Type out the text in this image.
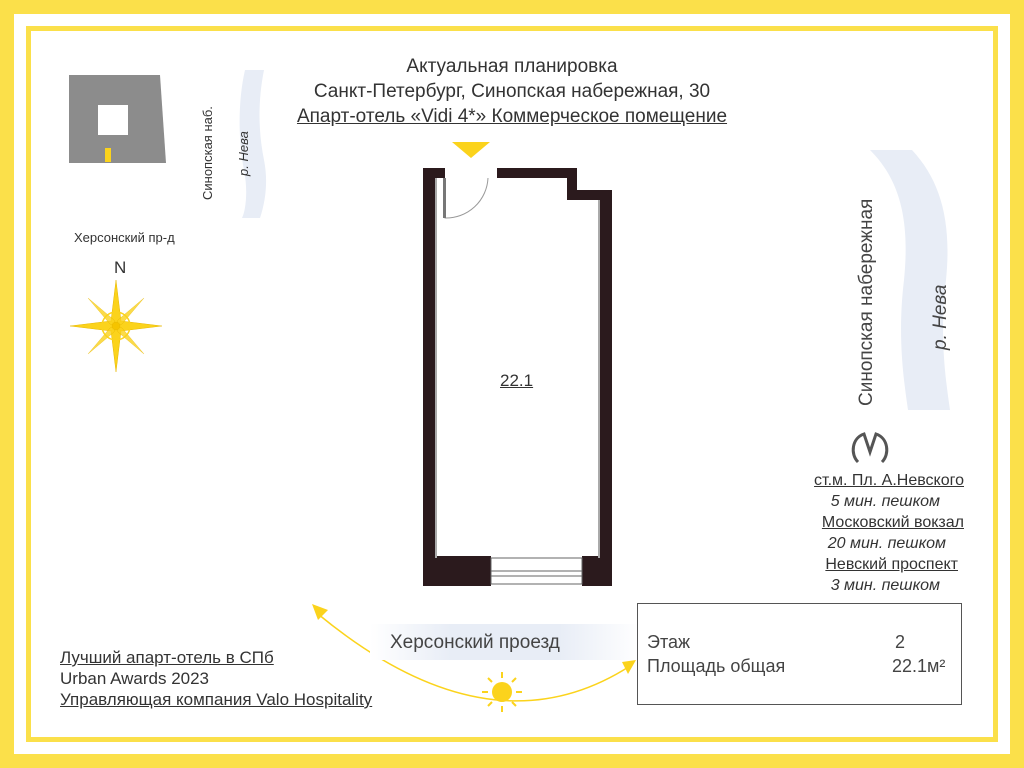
Актуальная планировка
Санкт-Петербург, Синопская набережная, 30
Апарт-отель «Vidi 4*» Коммерческое помещение
Синопская наб. р. Нева
Херсонский пр-д
N
22.1
Херсонский проезд
Синопская набережная	р. Нева
ст.м. Пл. А.Невского
5 мин. пешком
Московский вокзал
20 мин. пешком
Невский проспект
3 мин. пешком
Этаж	2
Площадь общая	22.1м²
Лучший апарт-отель в СПб
Urban Awards 2023
Управляющая компания Valo Hospitality
